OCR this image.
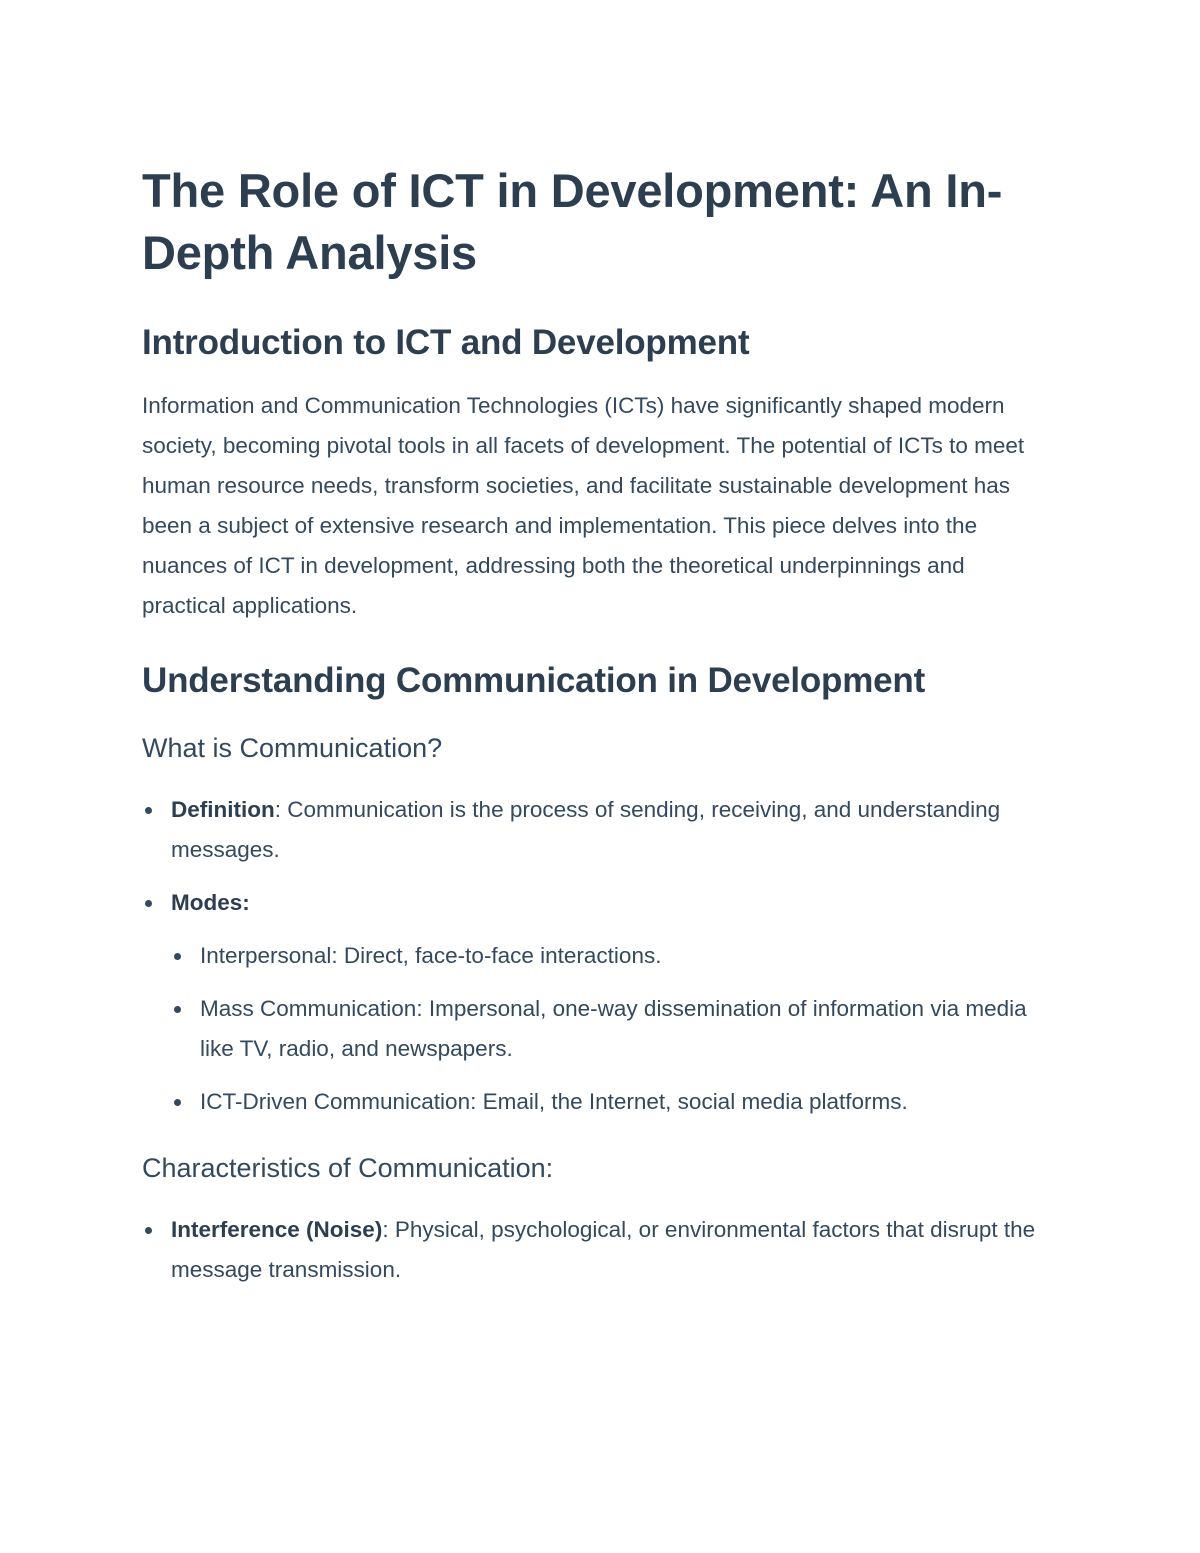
The Role of ICT in Development: An In-Depth Analysis
Introduction to ICT and Development

Information and Communication Technologies (ICTs) have significantly shaped modern society, becoming pivotal tools in all facets of development. The potential of ICTs to meet human resource needs, transform societies, and facilitate sustainable development has been a subject of extensive research and implementation. This piece delves into the nuances of ICT in development, addressing both the theoretical underpinnings and practical applications.

Understanding Communication in Development
What is Communication?
Definition: Communication is the process of sending, receiving, and understanding messages.
Modes:
Interpersonal: Direct, face-to-face interactions.
Mass Communication: Impersonal, one-way dissemination of information via media like TV, radio, and newspapers.
ICT-Driven Communication: Email, the Internet, social media platforms.
Characteristics of Communication:
Interference (Noise): Physical, psychological, or environmental factors that disrupt the message transmission.
